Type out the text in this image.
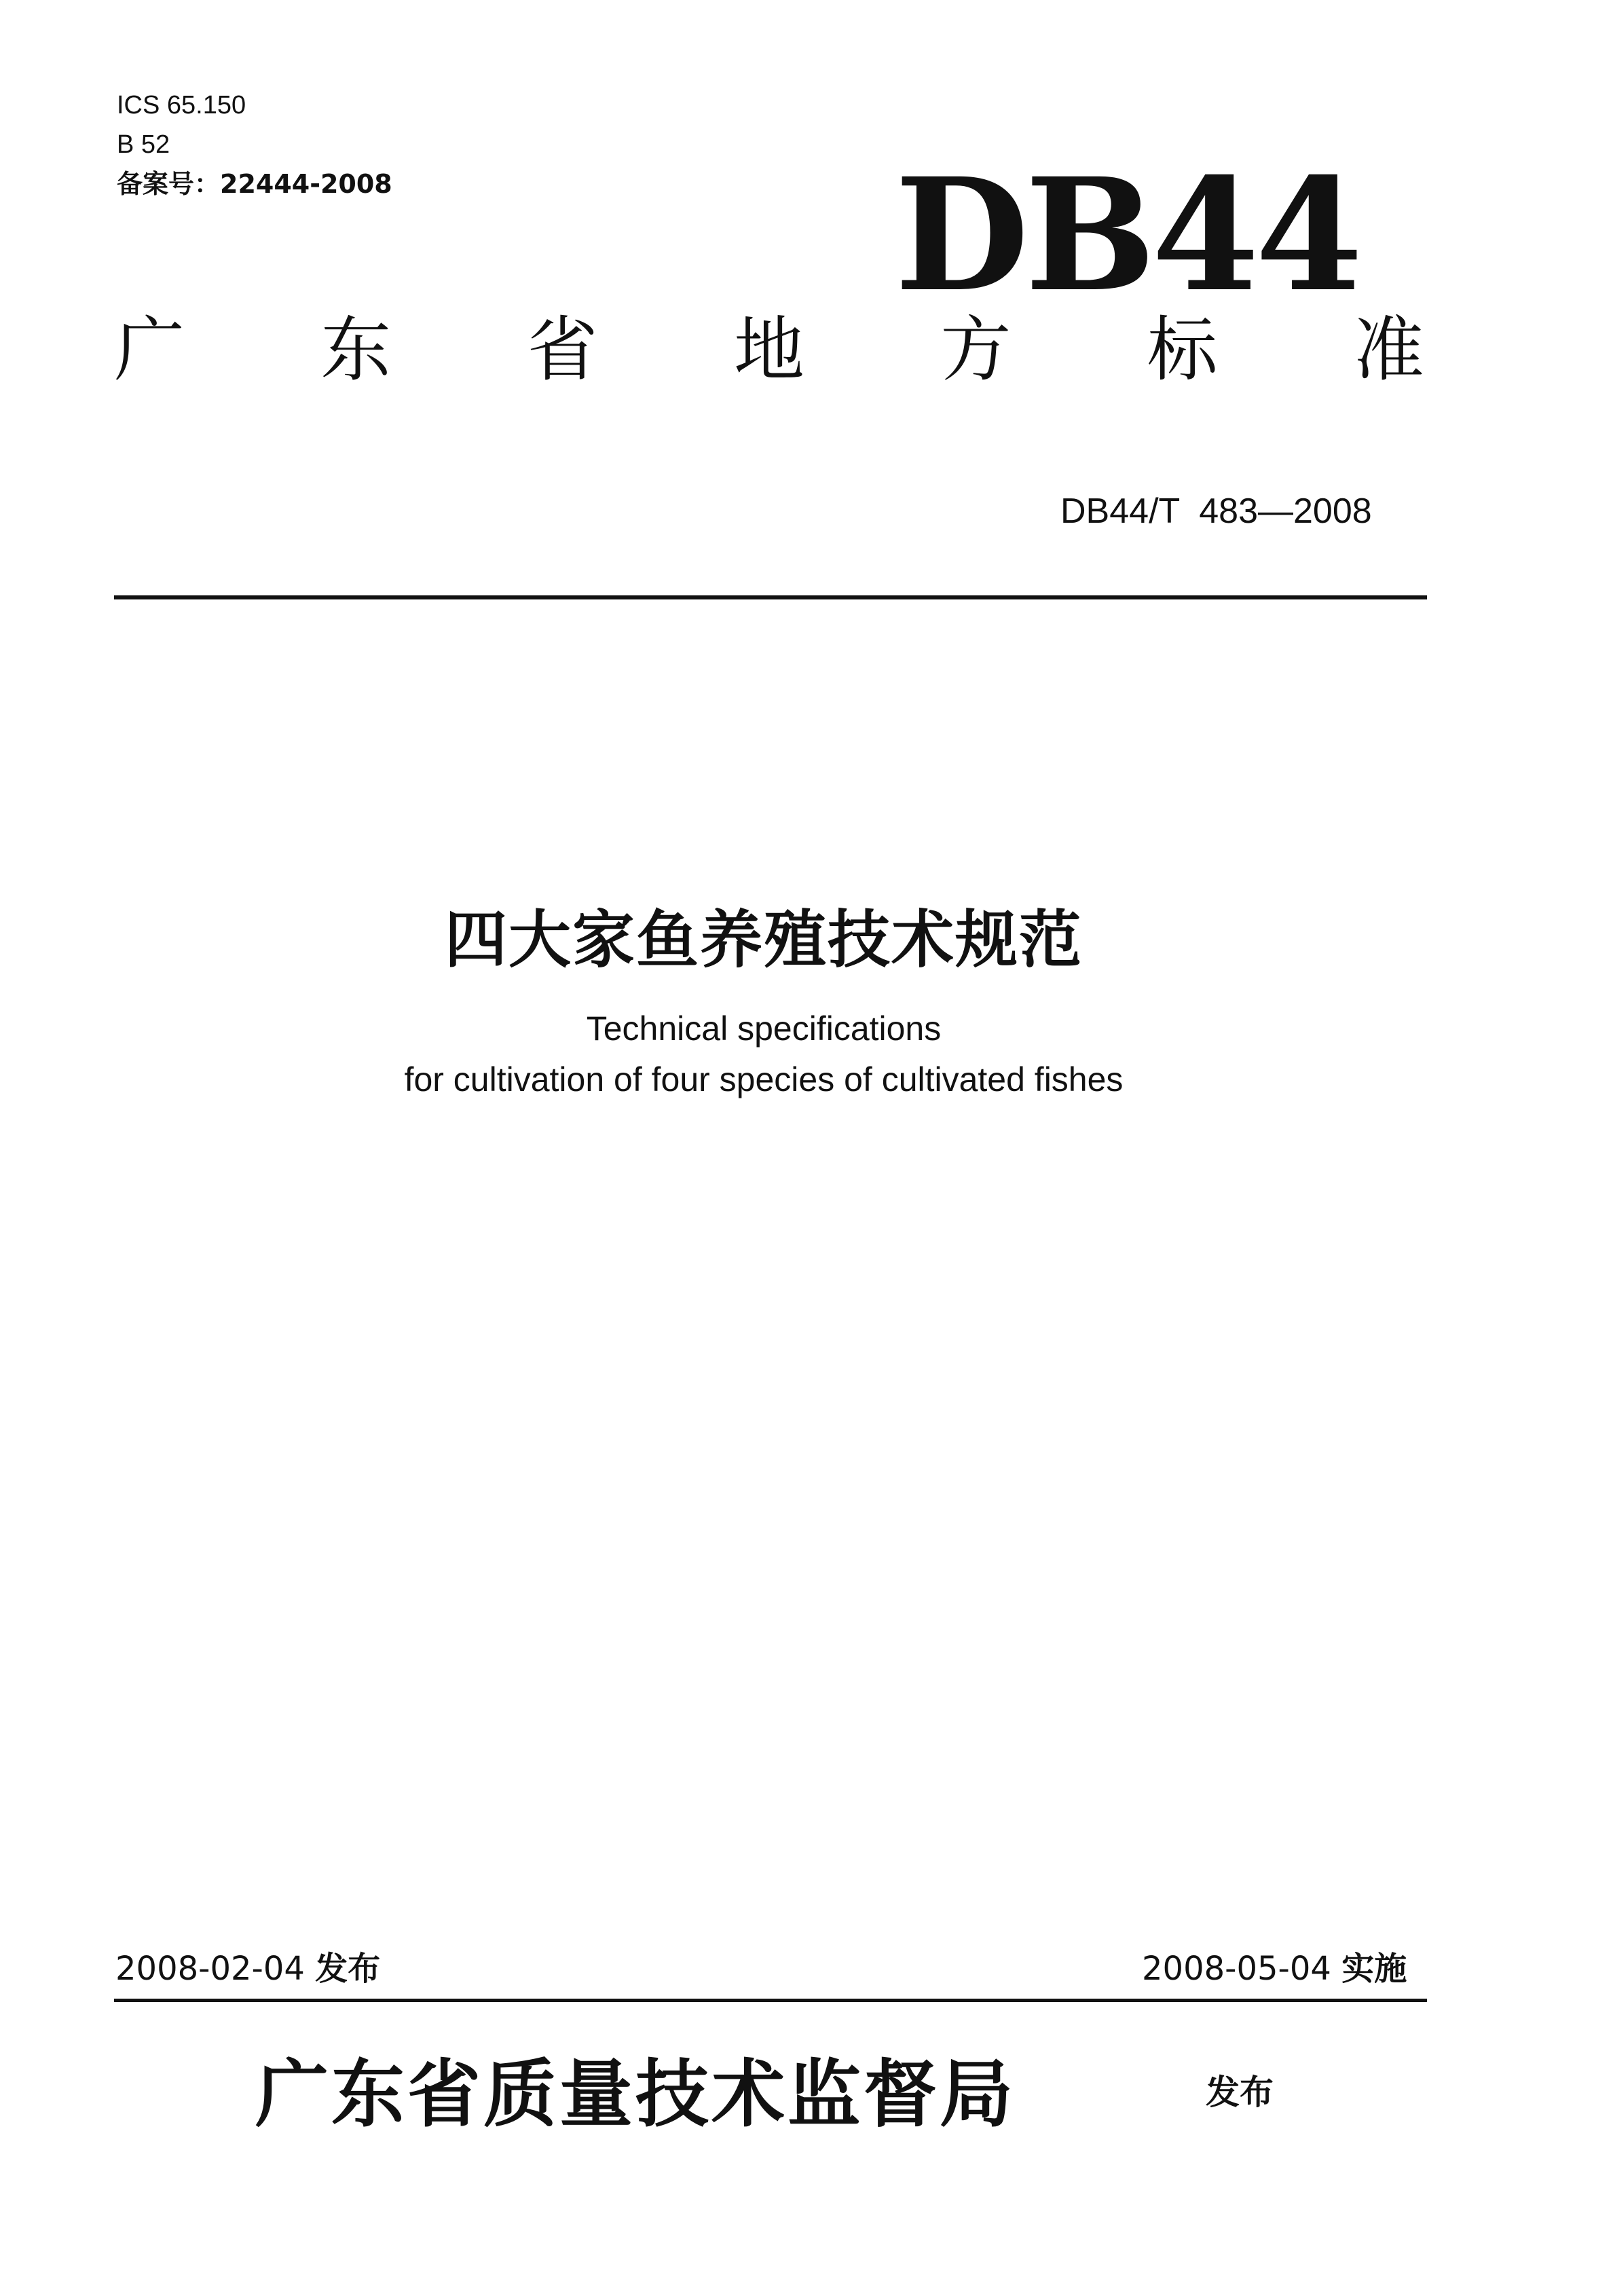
ICS 65.150
B 52
备案号：22444-2008	DB44
广 东 省 地 方 标 准
DB44/T  483—2008
四大家鱼养殖技术规范
Technical specifications
for cultivation of four species of cultivated fishes
2008-02-04 发布	2008-05-04 实施
广东省质量技术监督局	发布
